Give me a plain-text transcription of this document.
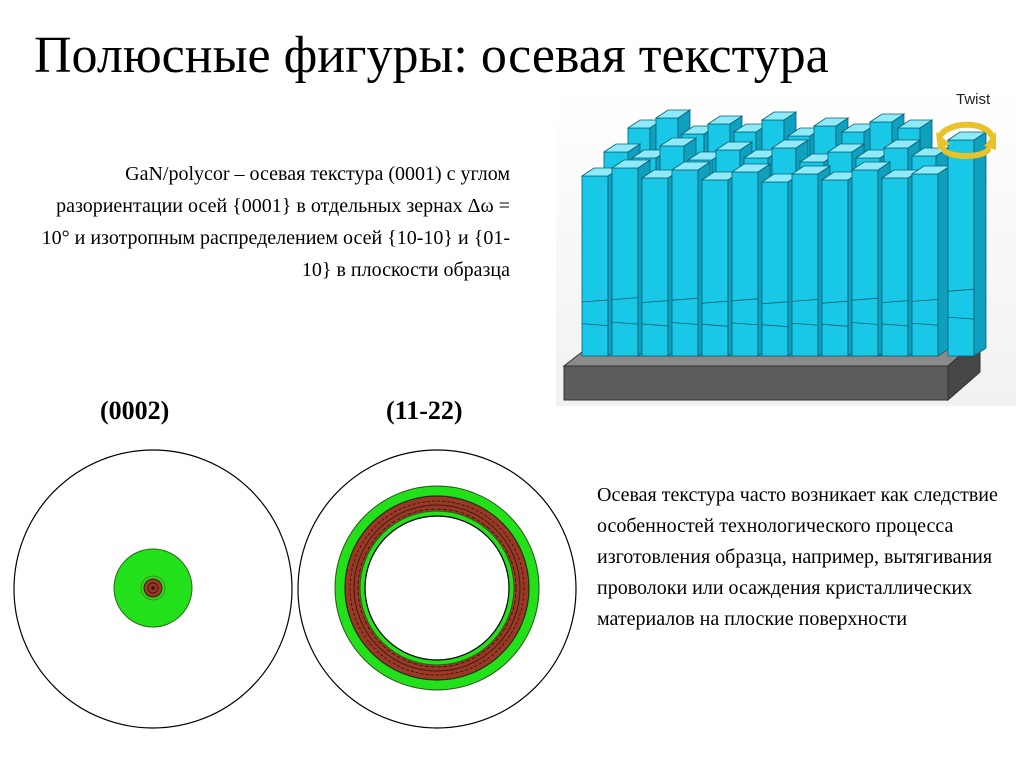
Полюсные фигуры: осевая текстура
GaN/polycor – осевая текстура (0001) с углом разориентации осей {0001} в отдельных зернах Δω = 10° и изотропным распределением осей {10-10} и {01-10} в плоскости образца
Twist
(0002)	(11-22)
Осевая текстура часто возникает как следствие особенностей технологического процесса изготовления образца, например, вытягивания проволоки или осаждения кристаллических материалов на плоские поверхности
